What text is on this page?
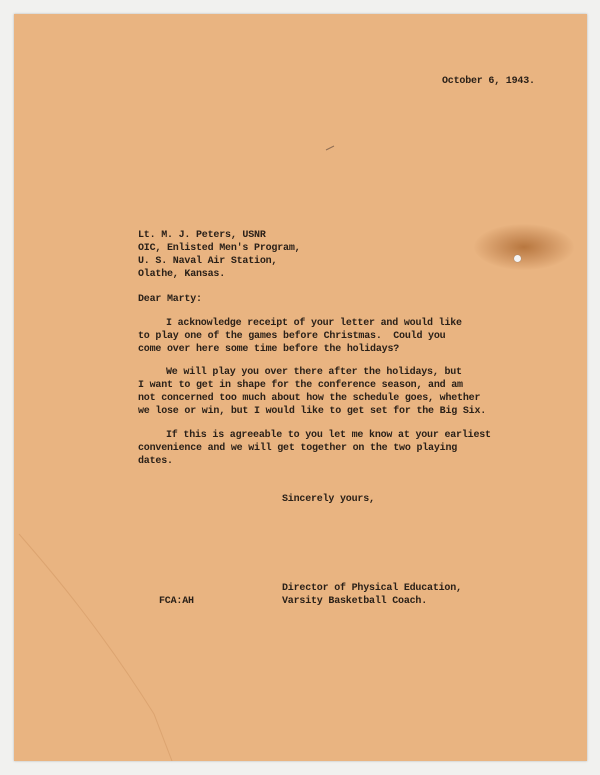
October 6, 1943.
Lt. M. J. Peters, USNR
OIC, Enlisted Men's Program,
U. S. Naval Air Station,
Olathe, Kansas.
Dear Marty:
I acknowledge receipt of your letter and would like
to play one of the games before Christmas.  Could you
come over here some time before the holidays?
We will play you over there after the holidays, but
I want to get in shape for the conference season, and am
not concerned too much about how the schedule goes, whether
we lose or win, but I would like to get set for the Big Six.
If this is agreeable to you let me know at your earliest
convenience and we will get together on the two playing
dates.
Sincerely yours,
Director of Physical Education,
Varsity Basketball Coach.
FCA:AH
